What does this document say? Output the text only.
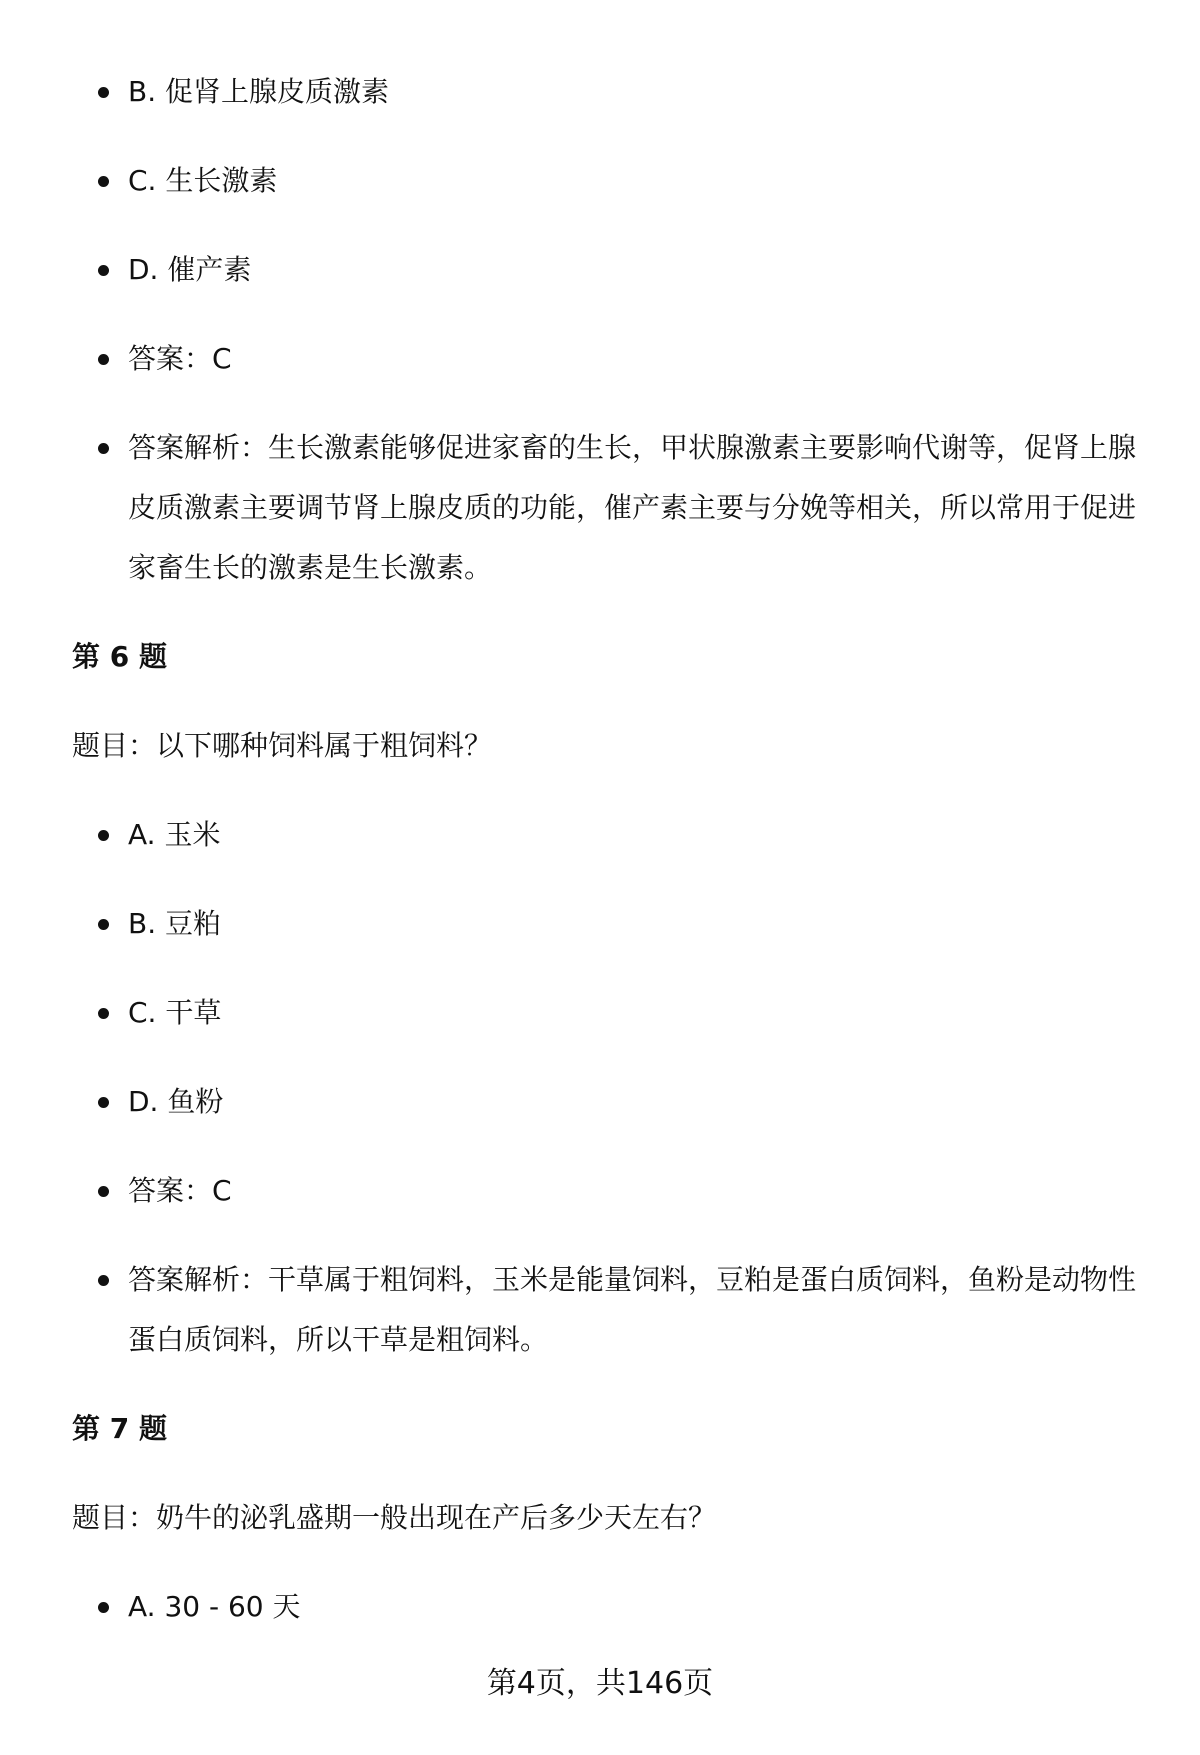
B. 促肾上腺皮质激素
C. 生长激素
D. 催产素
答案：C
答案解析：生长激素能够促进家畜的生长，甲状腺激素主要影响代谢等，促肾上腺皮质激素主要调节肾上腺皮质的功能，催产素主要与分娩等相关，所以常用于促进家畜生长的激素是生长激素。
第 6 题
题目：以下哪种饲料属于粗饲料？
A. 玉米
B. 豆粕
C. 干草
D. 鱼粉
答案：C
答案解析：干草属于粗饲料，玉米是能量饲料，豆粕是蛋白质饲料，鱼粉是动物性蛋白质饲料，所以干草是粗饲料。
第 7 题
题目：奶牛的泌乳盛期一般出现在产后多少天左右？
A. 30 - 60 天
第4页，共146页
